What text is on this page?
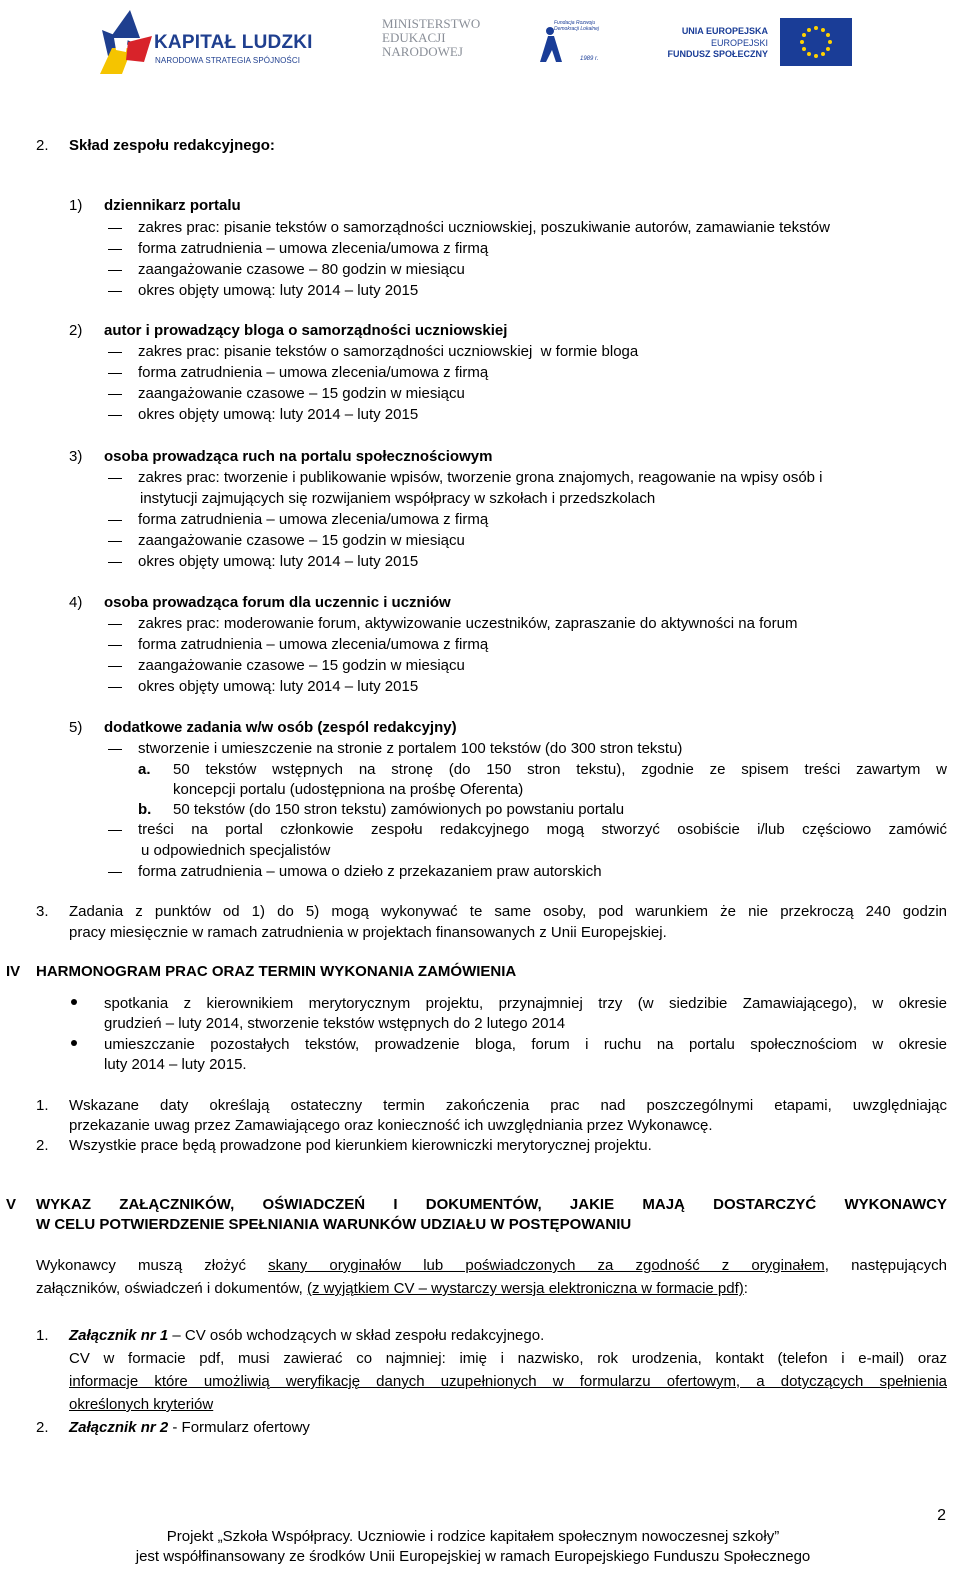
KAPITAŁ LUDZKI
NARODOWA STRATEGIA SPÓJNOŚCI
MINISTERSTWO
EDUKACJI
NARODOWEJ
Fundacja Rozwoju
Demokracji Lokalnej
1989 r.
UNIA EUROPEJSKA
EUROPEJSKI
FUNDUSZ SPOŁECZNY
2. Skład zespołu redakcyjnego:
1) dziennikarz portalu
zakres prac: pisanie tekstów o samorządności uczniowskiej, poszukiwanie autorów, zamawianie tekstów
forma zatrudnienia – umowa zlecenia/umowa z firmą
zaangażowanie czasowe – 80 godzin w miesiącu
okres objęty umową: luty 2014 – luty 2015
2) autor i prowadzący bloga o samorządności uczniowskiej
zakres prac: pisanie tekstów o samorządności uczniowskiej  w formie bloga
forma zatrudnienia – umowa zlecenia/umowa z firmą
zaangażowanie czasowe – 15 godzin w miesiącu
okres objęty umową: luty 2014 – luty 2015
3) osoba prowadząca ruch na portalu społecznościowym
zakres prac: tworzenie i publikowanie wpisów, tworzenie grona znajomych, reagowanie na wpisy osób i
instytucji zajmujących się rozwijaniem współpracy w szkołach i przedszkolach
forma zatrudnienia – umowa zlecenia/umowa z firmą
zaangażowanie czasowe – 15 godzin w miesiącu
okres objęty umową: luty 2014 – luty 2015
4) osoba prowadząca forum dla uczennic i uczniów
zakres prac: moderowanie forum, aktywizowanie uczestników, zapraszanie do aktywności na forum
forma zatrudnienia – umowa zlecenia/umowa z firmą
zaangażowanie czasowe – 15 godzin w miesiącu
okres objęty umową: luty 2014 – luty 2015
5) dodatkowe zadania w/w osób (zespól redakcyjny)
stworzenie i umieszczenie na stronie z portalem 100 tekstów (do 300 stron tekstu)
a. 50 tekstów wstępnych na stronę (do 150 stron tekstu), zgodnie ze spisem treści zawartym w
koncepcji portalu (udostępniona na prośbę Oferenta)
b. 50 tekstów (do 150 stron tekstu) zamówionych po powstaniu portalu
treści na portal członkowie zespołu redakcyjnego mogą stworzyć osobiście i/lub częściowo zamówić
u odpowiednich specjalistów
forma zatrudnienia – umowa o dzieło z przekazaniem praw autorskich
3. Zadania z punktów od 1) do 5) mogą wykonywać te same osoby, pod warunkiem że nie przekroczą 240 godzin
pracy miesięcznie w ramach zatrudnienia w projektach finansowanych z Unii Europejskiej.
IV HARMONOGRAM PRAC ORAZ TERMIN WYKONANIA ZAMÓWIENIA
spotkania z kierownikiem merytorycznym projektu, przynajmniej trzy (w siedzibie Zamawiającego), w okresie
grudzień – luty 2014, stworzenie tekstów wstępnych do 2 lutego 2014
umieszczanie pozostałych tekstów, prowadzenie bloga, forum i ruchu na portalu społecznościom w okresie
luty 2014 – luty 2015.
1. Wskazane daty określają ostateczny termin zakończenia prac nad poszczególnymi etapami, uwzględniając
przekazanie uwag przez Zamawiającego oraz konieczność ich uwzględniania przez Wykonawcę.
2. Wszystkie prace będą prowadzone pod kierunkiem kierowniczki merytorycznej projektu.
V WYKAZ ZAŁĄCZNIKÓW, OŚWIADCZEŃ I DOKUMENTÓW, JAKIE MAJĄ DOSTARCZYĆ WYKONAWCY
W CELU POTWIERDZENIE SPEŁNIANIA WARUNKÓW UDZIAŁU W POSTĘPOWANIU
Wykonawcy muszą złożyć skany oryginałów lub poświadczonych za zgodność z oryginałem, następujących
załączników, oświadczeń i dokumentów, (z wyjątkiem CV – wystarczy wersja elektroniczna w formacie pdf):
1. Załącznik nr 1 – CV osób wchodzących w skład zespołu redakcyjnego.
CV w formacie pdf, musi zawierać co najmniej: imię i nazwisko, rok urodzenia, kontakt (telefon i e-mail) oraz
informacje które umożliwią weryfikację danych uzupełnionych w formularzu ofertowym, a dotyczących spełnienia
określonych kryteriów
2. Załącznik nr 2 - Formularz ofertowy
2
Projekt „Szkoła Współpracy. Uczniowie i rodzice kapitałem społecznym nowoczesnej szkoły”
jest współfinansowany ze środków Unii Europejskiej w ramach Europejskiego Funduszu Społecznego
